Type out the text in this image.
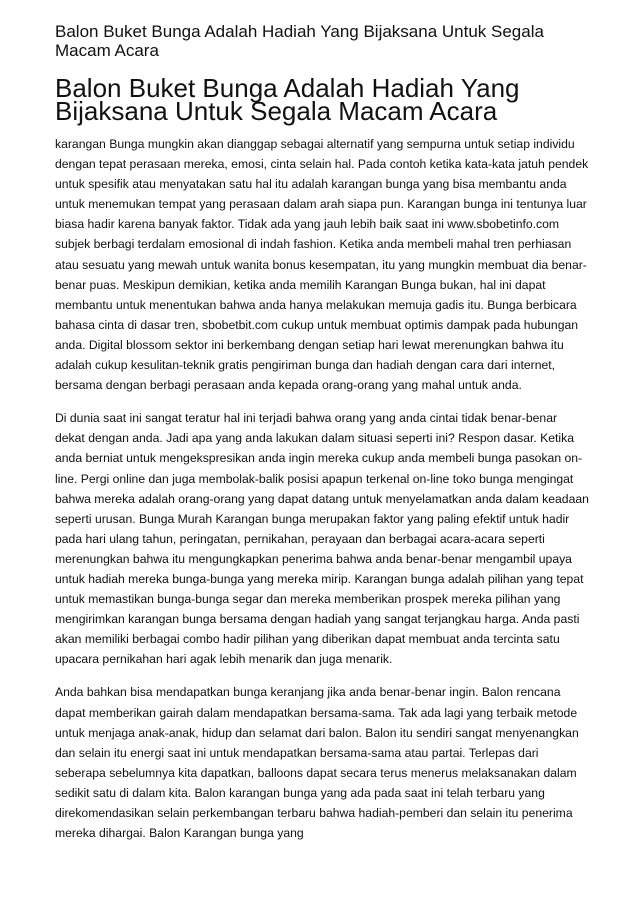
Balon Buket Bunga Adalah Hadiah Yang Bijaksana Untuk Segala Macam Acara
Balon Buket Bunga Adalah Hadiah Yang Bijaksana Untuk Segala Macam Acara

karangan Bunga mungkin akan dianggap sebagai alternatif yang sempurna untuk setiap individu dengan tepat perasaan mereka, emosi, cinta selain hal. Pada contoh ketika kata-kata jatuh pendek untuk spesifik atau menyatakan satu hal itu adalah karangan bunga yang bisa membantu anda untuk menemukan tempat yang perasaan dalam arah siapa pun. Karangan bunga ini tentunya luar biasa hadir karena banyak faktor. Tidak ada yang jauh lebih baik saat ini www.sbobetinfo.com subjek berbagi terdalam emosional di indah fashion. Ketika anda membeli mahal tren perhiasan atau sesuatu yang mewah untuk wanita bonus kesempatan, itu yang mungkin membuat dia benar-benar puas. Meskipun demikian, ketika anda memilih Karangan Bunga bukan, hal ini dapat membantu untuk menentukan bahwa anda hanya melakukan memuja gadis itu. Bunga berbicara bahasa cinta di dasar tren, sbobetbit.com cukup untuk membuat optimis dampak pada hubungan anda. Digital blossom sektor ini berkembang dengan setiap hari lewat merenungkan bahwa itu adalah cukup kesulitan-teknik gratis pengiriman bunga dan hadiah dengan cara dari internet, bersama dengan berbagi perasaan anda kepada orang-orang yang mahal untuk anda.

Di dunia saat ini sangat teratur hal ini terjadi bahwa orang yang anda cintai tidak benar-benar dekat dengan anda. Jadi apa yang anda lakukan dalam situasi seperti ini? Respon dasar. Ketika anda berniat untuk mengekspresikan anda ingin mereka cukup anda membeli bunga pasokan on-line. Pergi online dan juga membolak-balik posisi apapun terkenal on-line toko bunga mengingat bahwa mereka adalah orang-orang yang dapat datang untuk menyelamatkan anda dalam keadaan seperti urusan. Bunga Murah Karangan bunga merupakan faktor yang paling efektif untuk hadir pada hari ulang tahun, peringatan, pernikahan, perayaan dan berbagai acara-acara seperti merenungkan bahwa itu mengungkapkan penerima bahwa anda benar-benar mengambil upaya untuk hadiah mereka bunga-bunga yang mereka mirip. Karangan bunga adalah pilihan yang tepat untuk memastikan bunga-bunga segar dan mereka memberikan prospek mereka pilihan yang mengirimkan karangan bunga bersama dengan hadiah yang sangat terjangkau harga. Anda pasti akan memiliki berbagai combo hadir pilihan yang diberikan dapat membuat anda tercinta satu upacara pernikahan hari agak lebih menarik dan juga menarik.

Anda bahkan bisa mendapatkan bunga keranjang jika anda benar-benar ingin. Balon rencana dapat memberikan gairah dalam mendapatkan bersama-sama. Tak ada lagi yang terbaik metode untuk menjaga anak-anak, hidup dan selamat dari balon. Balon itu sendiri sangat menyenangkan dan selain itu energi saat ini untuk mendapatkan bersama-sama atau partai. Terlepas dari seberapa sebelumnya kita dapatkan, balloons dapat secara terus menerus melaksanakan dalam sedikit satu di dalam kita. Balon karangan bunga yang ada pada saat ini telah terbaru yang direkomendasikan selain perkembangan terbaru bahwa hadiah-pemberi dan selain itu penerima mereka dihargai. Balon Karangan bunga yang
